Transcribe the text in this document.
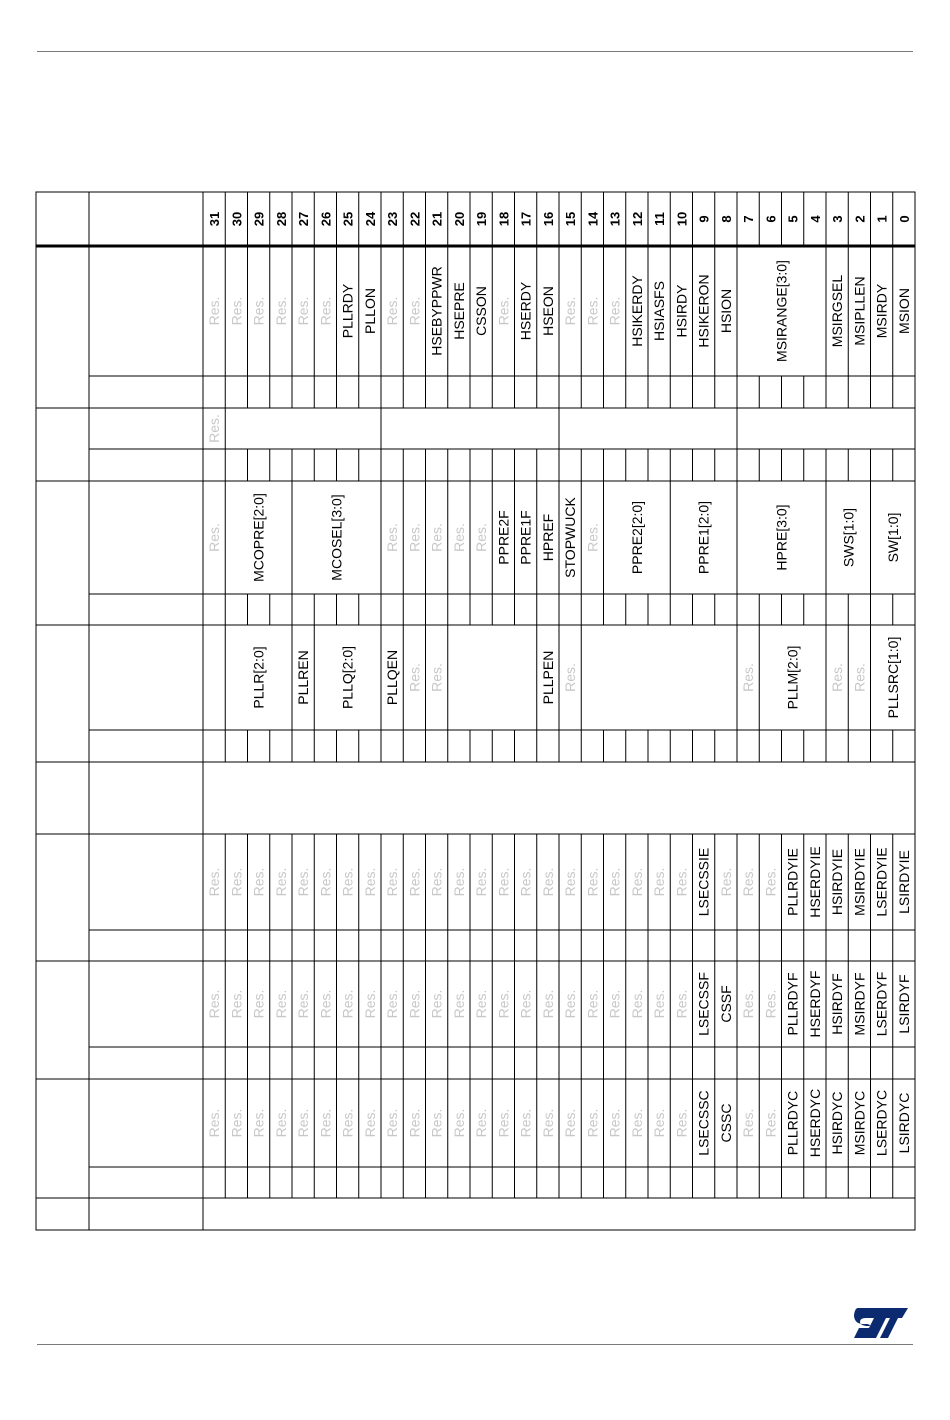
31 30 29 28 27 26 25 24 23 22 21 20 19 18 17 16 15 14 13 12 11 10 9 8 7 6 5 4 3 2 1 0
Res. Res. Res. Res. Res. Res. PLLRDY PLLON Res. Res. HSEBYPPWR HSEPRE CSSON Res. HSERDY HSEON Res. Res. Res. HSIKERDY HSIASFS HSIRDY HSIKERON HSION	MSIRANGE[3:0]	MSIRGSEL MSIPLLEN MSIRDY MSION
Res.
Res. MCOPRE[2:0]	MCOSEL[3:0]	Res. Res. Res. Res. Res. PPRE2F PPRE1F HPREF STOPWUCK Res. PPRE2[2:0]	PPRE1[2:0]	HPRE[3:0]	SWS[1:0] SW[1:0]
PLLR[2:0] PLLREN PLLQ[2:0] PLLQEN Res. Res.	PLLPEN Res.	Res. PLLM[2:0] Res. Res. PLLSRC[1:0]
Res. Res. Res. Res. Res. Res. Res. Res. Res. Res. Res. Res. Res. Res. Res. Res. Res. Res. Res. Res. Res. Res. LSECSSIE Res. Res. Res. PLLRDYIE HSERDYIE HSIRDYIE MSIRDYIE LSERDYIE LSIRDYIE
Res. Res. Res. Res. Res. Res. Res. Res. Res. Res. Res. Res. Res. Res. Res. Res. Res. Res. Res. Res. Res. Res. LSECSSF CSSF Res. Res. PLLRDYF HSERDYF HSIRDYF MSIRDYF LSERDYF LSIRDYF
Res. Res. Res. Res. Res. Res. Res. Res. Res. Res. Res. Res. Res. Res. Res. Res. Res. Res. Res. Res. Res. Res. LSECSSC CSSC Res. Res. PLLRDYC HSERDYC HSIRDYC MSIRDYC LSERDYC LSIRDYC
